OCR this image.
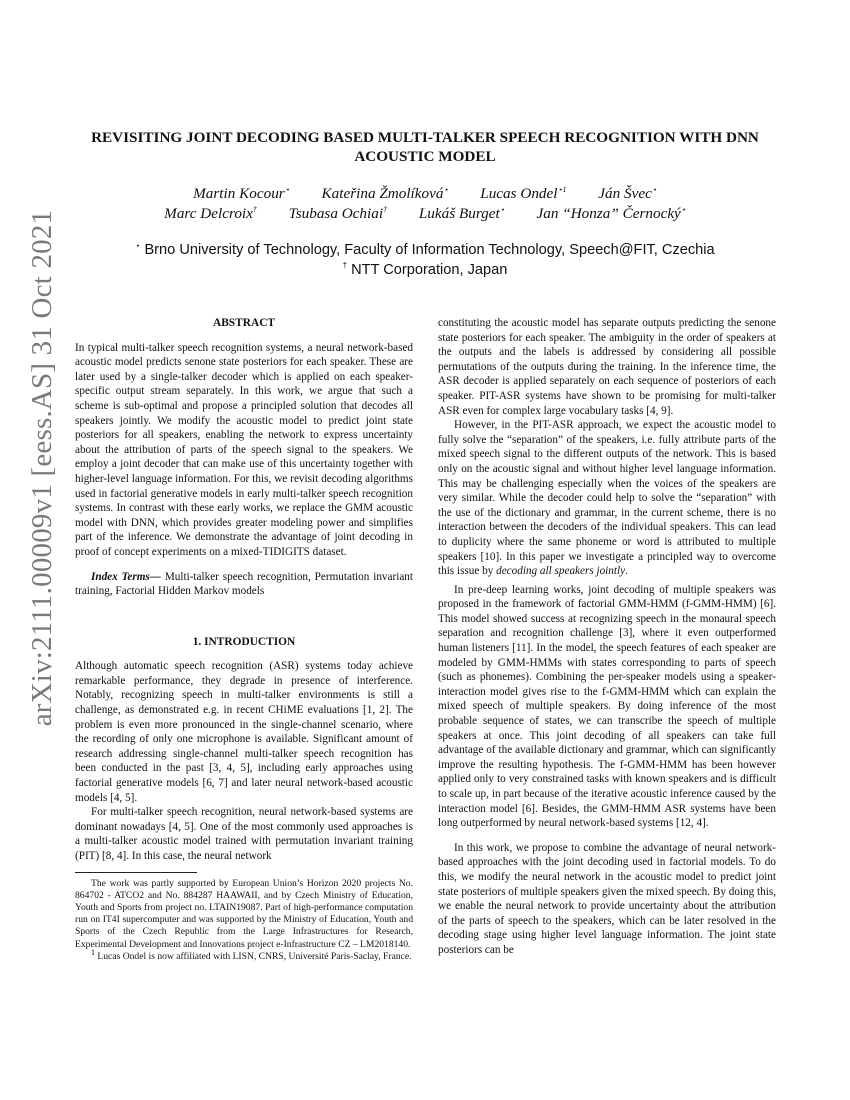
arXiv:2111.00009v1 [eess.AS] 31 Oct 2021
REVISITING JOINT DECODING BASED MULTI-TALKER SPEECH RECOGNITION WITH DNN ACOUSTIC MODEL
Martin Kocour⋆ Kateřina Žmolíková⋆ Lucas Ondel$^{⋆1}$ Ján Švec⋆
Marc Delcroix† Tsubasa Ochiai† Lukáš Burget⋆ Jan “Honza” Černocký⋆
⋆ Brno University of Technology, Faculty of Information Technology, Speech@FIT, Czechia
† NTT Corporation, Japan
ABSTRACT

In typical multi-talker speech recognition systems, a neural network-based acoustic model predicts senone state posteriors for each speaker. These are later used by a single-talker decoder which is applied on each speaker-specific output stream separately. In this work, we argue that such a scheme is sub-optimal and propose a principled solution that decodes all speakers jointly. We modify the acoustic model to predict joint state posteriors for all speakers, enabling the network to express uncertainty about the attribution of parts of the speech signal to the speakers. We employ a joint decoder that can make use of this uncertainty together with higher-level language information. For this, we revisit decoding algorithms used in factorial generative models in early multi-talker speech recognition systems. In contrast with these early works, we replace the GMM acoustic model with DNN, which provides greater modeling power and simplifies part of the inference. We demonstrate the advantage of joint decoding in proof of concept experiments on a mixed-TIDIGITS dataset.

Index Terms— Multi-talker speech recognition, Permutation invariant training, Factorial Hidden Markov models

1. INTRODUCTION

Although automatic speech recognition (ASR) systems today achieve remarkable performance, they degrade in presence of interference. Notably, recognizing speech in multi-talker environments is still a challenge, as demonstrated e.g. in recent CHiME evaluations [1, 2]. The problem is even more pronounced in the single-channel scenario, where the recording of only one microphone is available. Significant amount of research addressing single-channel multi-talker speech recognition has been conducted in the past [3, 4, 5], including early approaches using factorial generative models [6, 7] and later neural network-based acoustic models [4, 5].

For multi-talker speech recognition, neural network-based systems are dominant nowadays [4, 5]. One of the most commonly used approaches is a multi-talker acoustic model trained with permutation invariant training (PIT) [8, 4]. In this case, the neural network

The work was partly supported by European Union’s Horizon 2020 projects No. 864702 - ATCO2 and No. 884287 HAAWAII, and by Czech Ministry of Education, Youth and Sports from project no. LTAIN19087. Part of high-performance computation run on IT4I supercomputer and was supported by the Ministry of Education, Youth and Sports of the Czech Republic from the Large Infrastructures for Research, Experimental Development and Innovations project e-Infrastructure CZ – LM2018140.

$^1$ Lucas Ondel is now affiliated with LISN, CNRS, Université Paris-Saclay, France.

constituting the acoustic model has separate outputs predicting the senone state posteriors for each speaker. The ambiguity in the order of speakers at the outputs and the labels is addressed by considering all possible permutations of the outputs during the training. In the inference time, the ASR decoder is applied separately on each sequence of posteriors of each speaker. PIT-ASR systems have shown to be promising for multi-talker ASR even for complex large vocabulary tasks [4, 9].

However, in the PIT-ASR approach, we expect the acoustic model to fully solve the “separation” of the speakers, i.e. fully attribute parts of the mixed speech signal to the different outputs of the network. This is based only on the acoustic signal and without higher level language information. This may be challenging especially when the voices of the speakers are very similar. While the decoder could help to solve the “separation” with the use of the dictionary and grammar, in the current scheme, there is no interaction between the decoders of the individual speakers. This can lead to duplicity where the same phoneme or word is attributed to multiple speakers [10]. In this paper we investigate a principled way to overcome this issue by decoding all speakers jointly.

In pre-deep learning works, joint decoding of multiple speakers was proposed in the framework of factorial GMM-HMM (f-GMM-HMM) [6]. This model showed success at recognizing speech in the monaural speech separation and recognition challenge [3], where it even outperformed human listeners [11]. In the model, the speech features of each speaker are modeled by GMM-HMMs with states corresponding to parts of speech (such as phonemes). Combining the per-speaker models using a speaker-interaction model gives rise to the f-GMM-HMM which can explain the mixed speech of multiple speakers. By doing inference of the most probable sequence of states, we can transcribe the speech of multiple speakers at once. This joint decoding of all speakers can take full advantage of the available dictionary and grammar, which can significantly improve the resulting hypothesis. The f-GMM-HMM has been however applied only to very constrained tasks with known speakers and is difficult to scale up, in part because of the iterative acoustic inference caused by the interaction model [6]. Besides, the GMM-HMM ASR systems have been long outperformed by neural network-based systems [12, 4].

In this work, we propose to combine the advantage of neural network-based approaches with the joint decoding used in factorial models. To do this, we modify the neural network in the acoustic model to predict joint state posteriors of multiple speakers given the mixed speech. By doing this, we enable the neural network to provide uncertainty about the attribution of the parts of speech to the speakers, which can be later resolved in the decoding stage using higher level language information. The joint state posteriors can be
